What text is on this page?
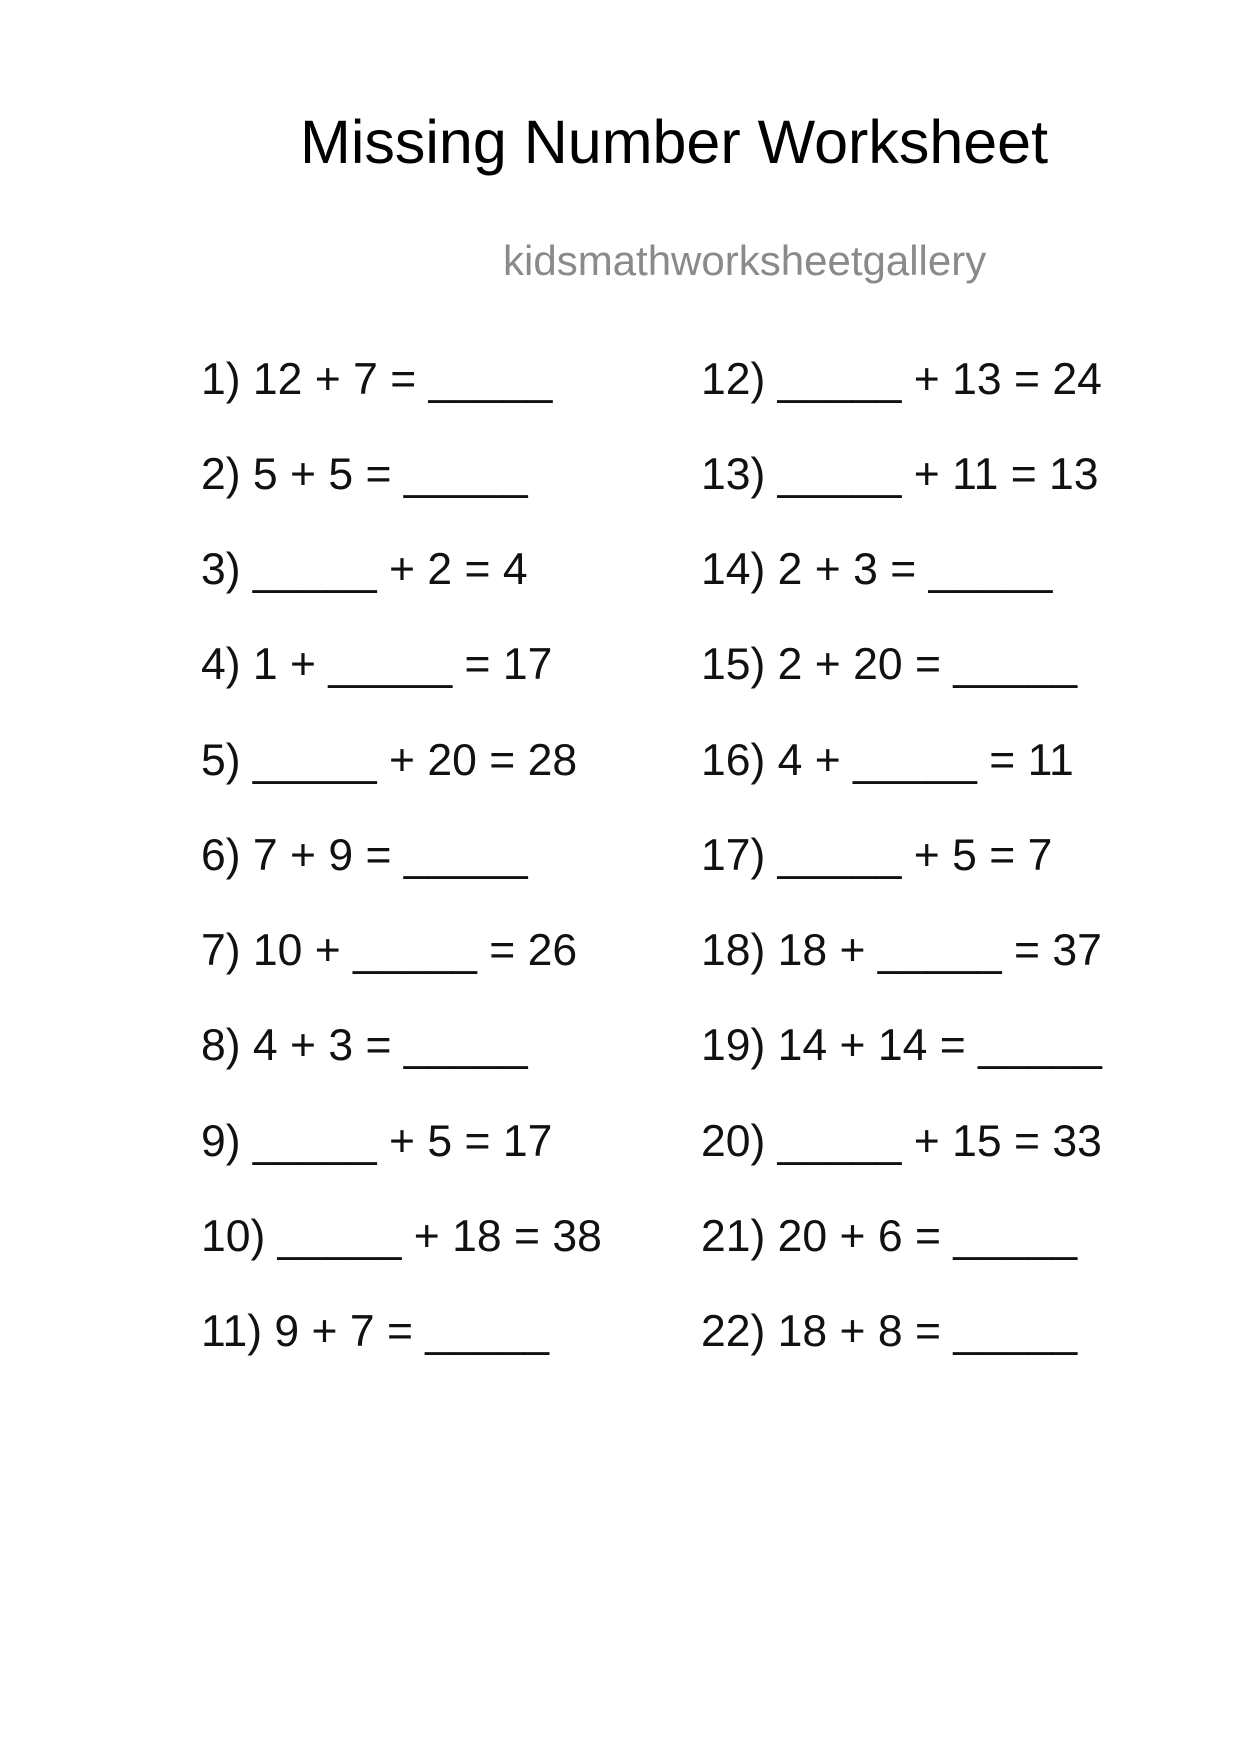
Missing Number Worksheet
kidsmathworksheetgallery
1) 12 + 7 = _____
2) 5 + 5 = _____
3) _____ + 2 = 4
4) 1 + _____ = 17
5) _____ + 20 = 28
6) 7 + 9 = _____
7) 10 + _____ = 26
8) 4 + 3 = _____
9) _____ + 5 = 17
10) _____ + 18 = 38
11) 9 + 7 = _____
12) _____ + 13 = 24
13) _____ + 11 = 13
14) 2 + 3 = _____
15) 2 + 20 = _____
16) 4 + _____ = 11
17) _____ + 5 = 7
18) 18 + _____ = 37
19) 14 + 14 = _____
20) _____ + 15 = 33
21) 20 + 6 = _____
22) 18 + 8 = _____
